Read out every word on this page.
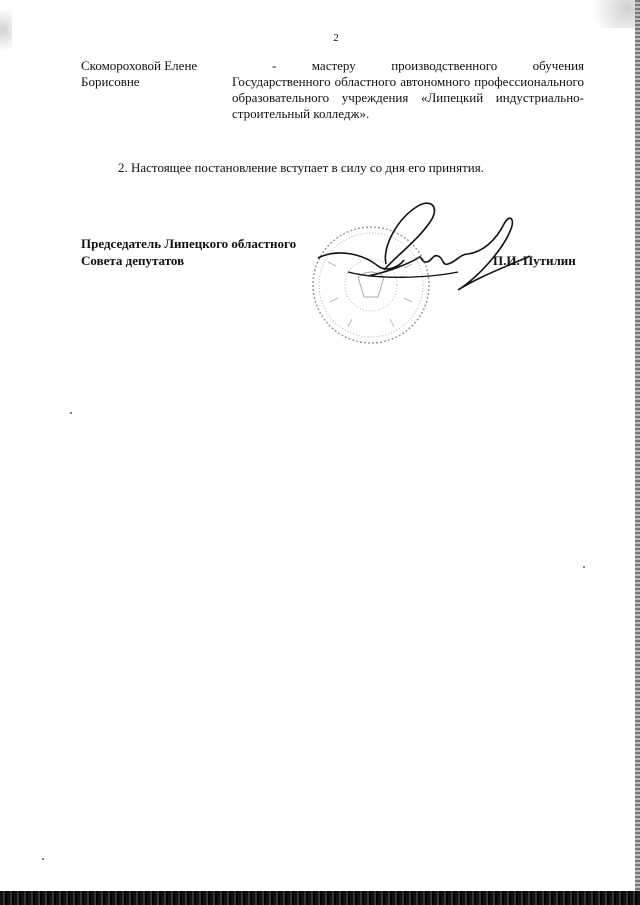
2
Скомороховой Елене Борисовне
-	мастеру производственного обучения Государственного областного автономного профессионального образовательного учреждения «Липецкий индустриально-строительный колледж».
2. Настоящее постановление вступает в силу со дня его принятия.
Председатель Липецкого областного Совета депутатов	П.И. Путилин
